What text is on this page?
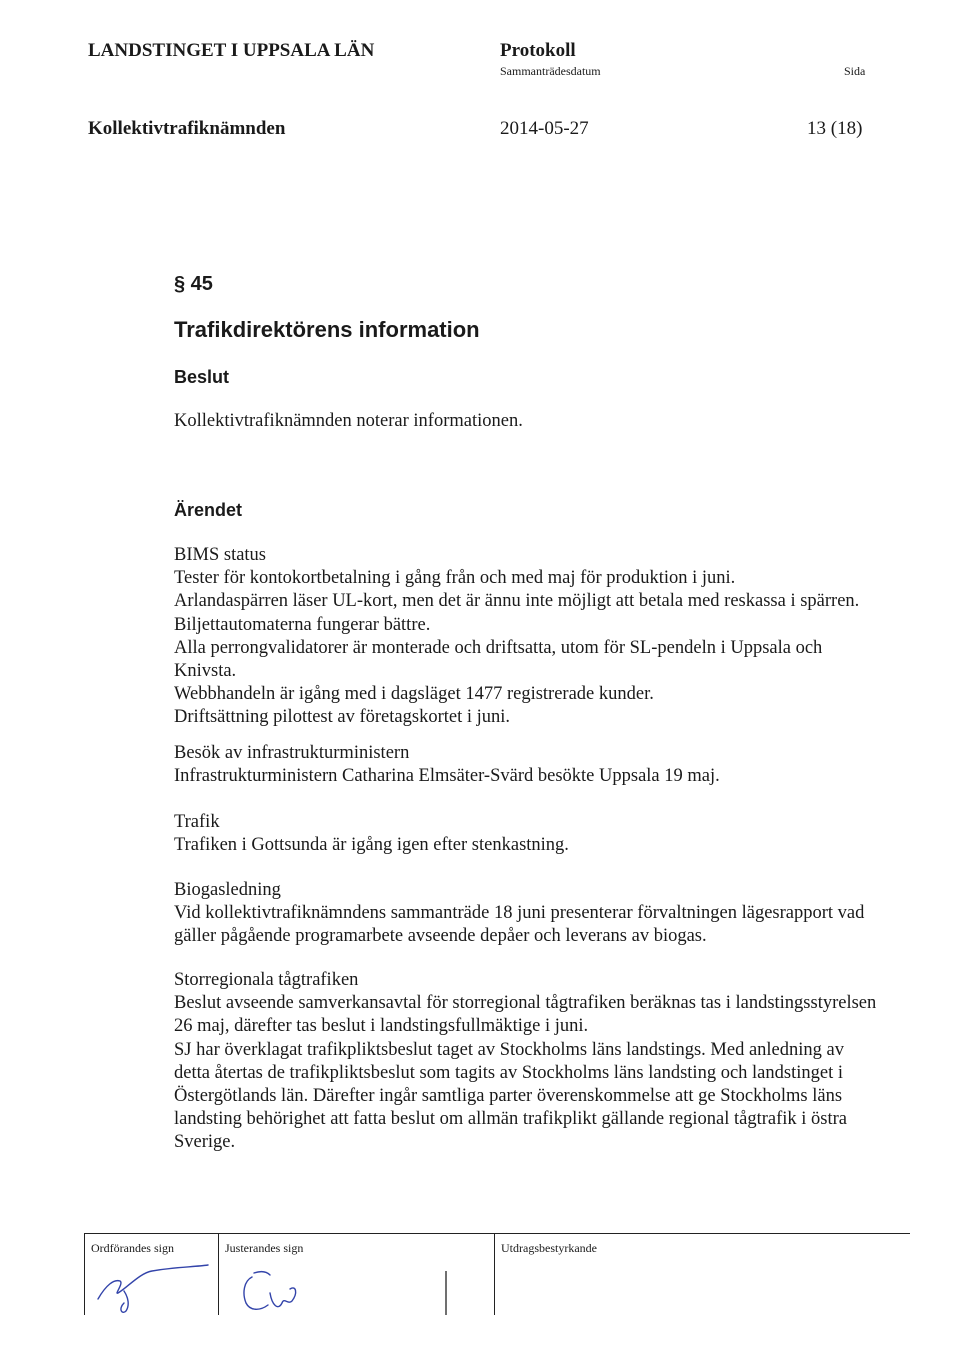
LANDSTINGET I UPPSALA LÄN	Protokoll
Sammanträdesdatum	Sida
Kollektivtrafiknämnden	2014-05-27	13 (18)
§ 45
Trafikdirektörens information
Beslut
Kollektivtrafiknämnden noterar informationen.
Ärendet
BIMS status
Tester för kontokortbetalning i gång från och med maj för produktion i juni.
Arlandaspärren läser UL-kort, men det är ännu inte möjligt att betala med reskassa i spärren.
Biljettautomaterna fungerar bättre.
Alla perrongvalidatorer är monterade och driftsatta, utom för SL-pendeln i Uppsala och
Knivsta.
Webbhandeln är igång med i dagsläget 1477 registrerade kunder.
Driftsättning pilottest av företagskortet i juni.
Besök av infrastrukturministern
Infrastrukturministern Catharina Elmsäter-Svärd besökte Uppsala 19 maj.
Trafik
Trafiken i Gottsunda är igång igen efter stenkastning.
Biogasledning
Vid kollektivtrafiknämndens sammanträde 18 juni presenterar förvaltningen lägesrapport vad
gäller pågående programarbete avseende depåer och leverans av biogas.
Storregionala tågtrafiken
Beslut avseende samverkansavtal för storregional tågtrafiken beräknas tas i landstingsstyrelsen
26 maj, därefter tas beslut i landstingsfullmäktige i juni.
SJ har överklagat trafikpliktsbeslut taget av Stockholms läns landstings. Med anledning av
detta återtas de trafikpliktsbeslut som tagits av Stockholms läns landsting och landstinget i
Östergötlands län. Därefter ingår samtliga parter överenskommelse att ge Stockholms läns
landsting behörighet att fatta beslut om allmän trafikplikt gällande regional tågtrafik i östra
Sverige.
Ordförandes sign	Justerandes sign	Utdragsbestyrkande
